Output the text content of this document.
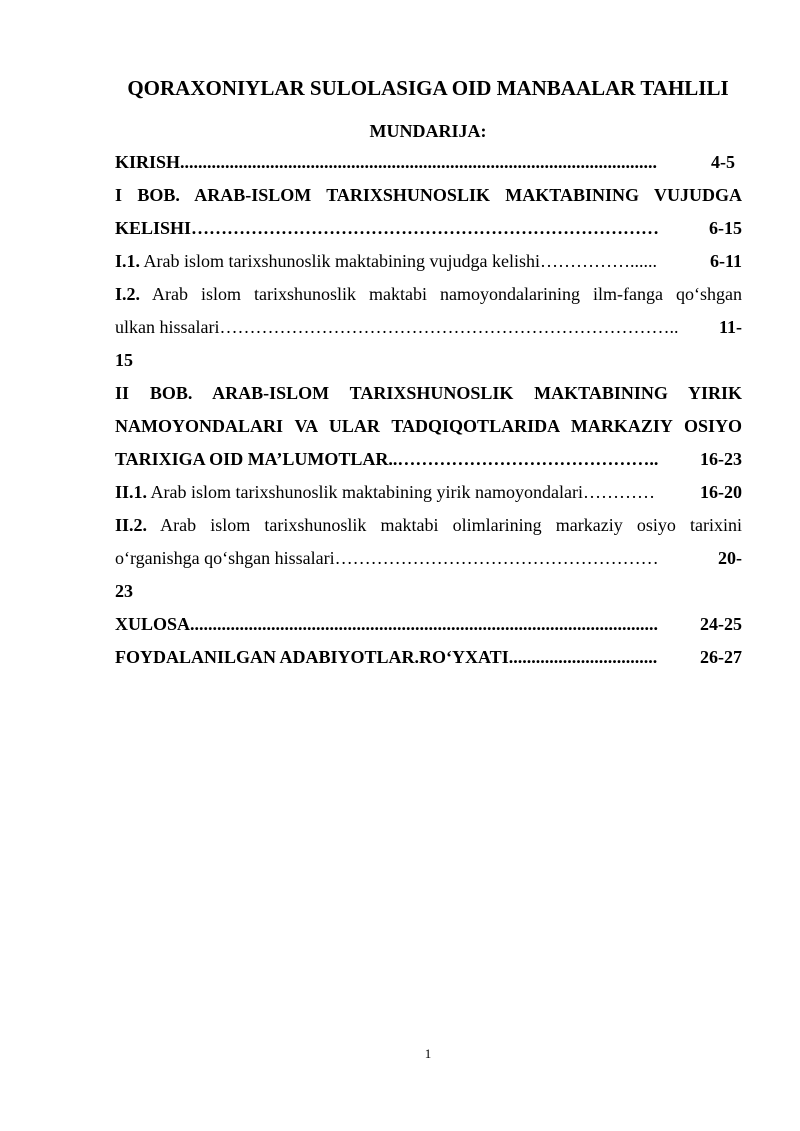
QORAXONIYLAR SULOLASIGA OID MANBAALAR TAHLILI
MUNDARIJA:
KIRISH..........................................................................................................	4-5
I BOB. ARAB-ISLOM TARIXSHUNOSLIK MAKTABINING VUJUDGA
KELISHI……………………………………………………………………	6-15
I.1. Arab islom tarixshunoslik maktabining vujudga kelishi……………......	6-11
I.2. Arab islom tarixshunoslik maktabi namoyondalarining ilm-fanga qo‘shgan
ulkan hissalari………………………………………………………………….. 11-
15
II BOB. ARAB-ISLOM TARIXSHUNOSLIK MAKTABINING YIRIK
NAMOYONDALARI VA ULAR TADQIQOTLARIDA MARKAZIY OSIYO
TARIXIGA OID MA’LUMOTLAR..…………………………………….. 16-23
II.1. Arab islom tarixshunoslik maktabining yirik namoyondalari…………	16-20
II.2. Arab islom tarixshunoslik maktabi olimlarining markaziy osiyo tarixini
o‘rganishga qo‘shgan hissalari………………………………………………	20-
23
XULOSA........................................................................................................ 24-25
FOYDALANILGAN ADABIYOTLAR.RO‘YXATI................................. 26-27
1
